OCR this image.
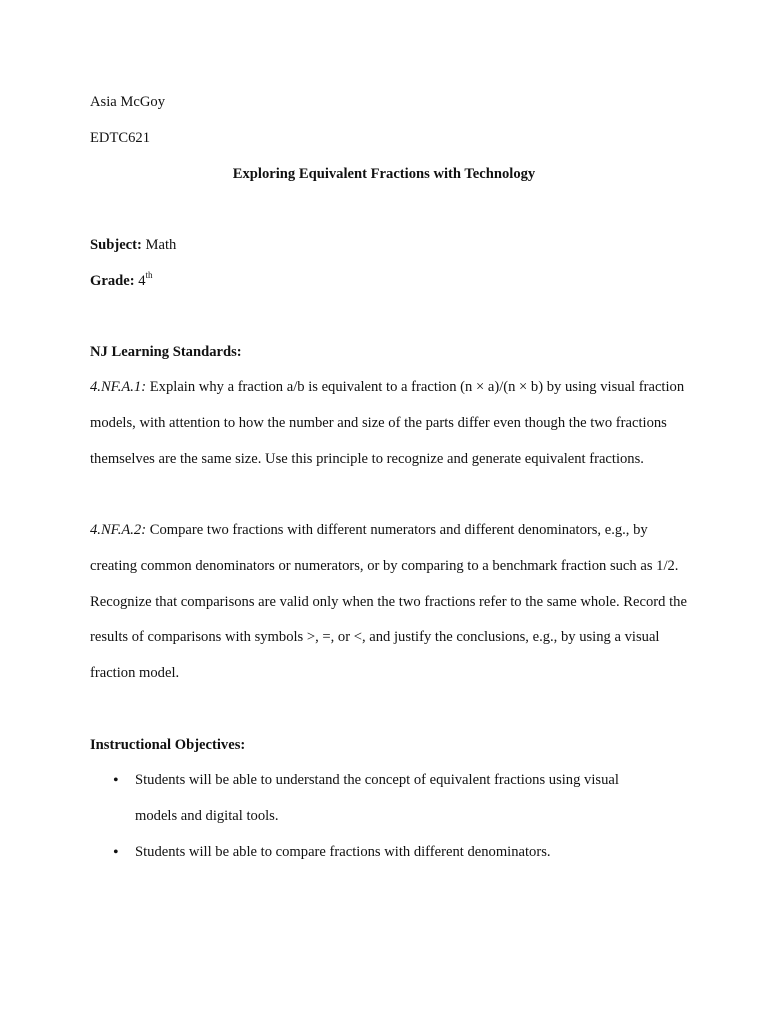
Asia McGoy
EDTC621
Exploring Equivalent Fractions with Technology
Subject: Math
Grade: 4th
NJ Learning Standards:
4.NF.A.1: Explain why a fraction a/b is equivalent to a fraction (n × a)/(n × b) by using visual fraction models, with attention to how the number and size of the parts differ even though the two fractions themselves are the same size. Use this principle to recognize and generate equivalent fractions.
4.NF.A.2: Compare two fractions with different numerators and different denominators, e.g., by creating common denominators or numerators, or by comparing to a benchmark fraction such as 1/2. Recognize that comparisons are valid only when the two fractions refer to the same whole. Record the results of comparisons with symbols >, =, or <, and justify the conclusions, e.g., by using a visual fraction model.
Instructional Objectives:
• Students will be able to understand the concept of equivalent fractions using visual models and digital tools.
• Students will be able to compare fractions with different denominators.
